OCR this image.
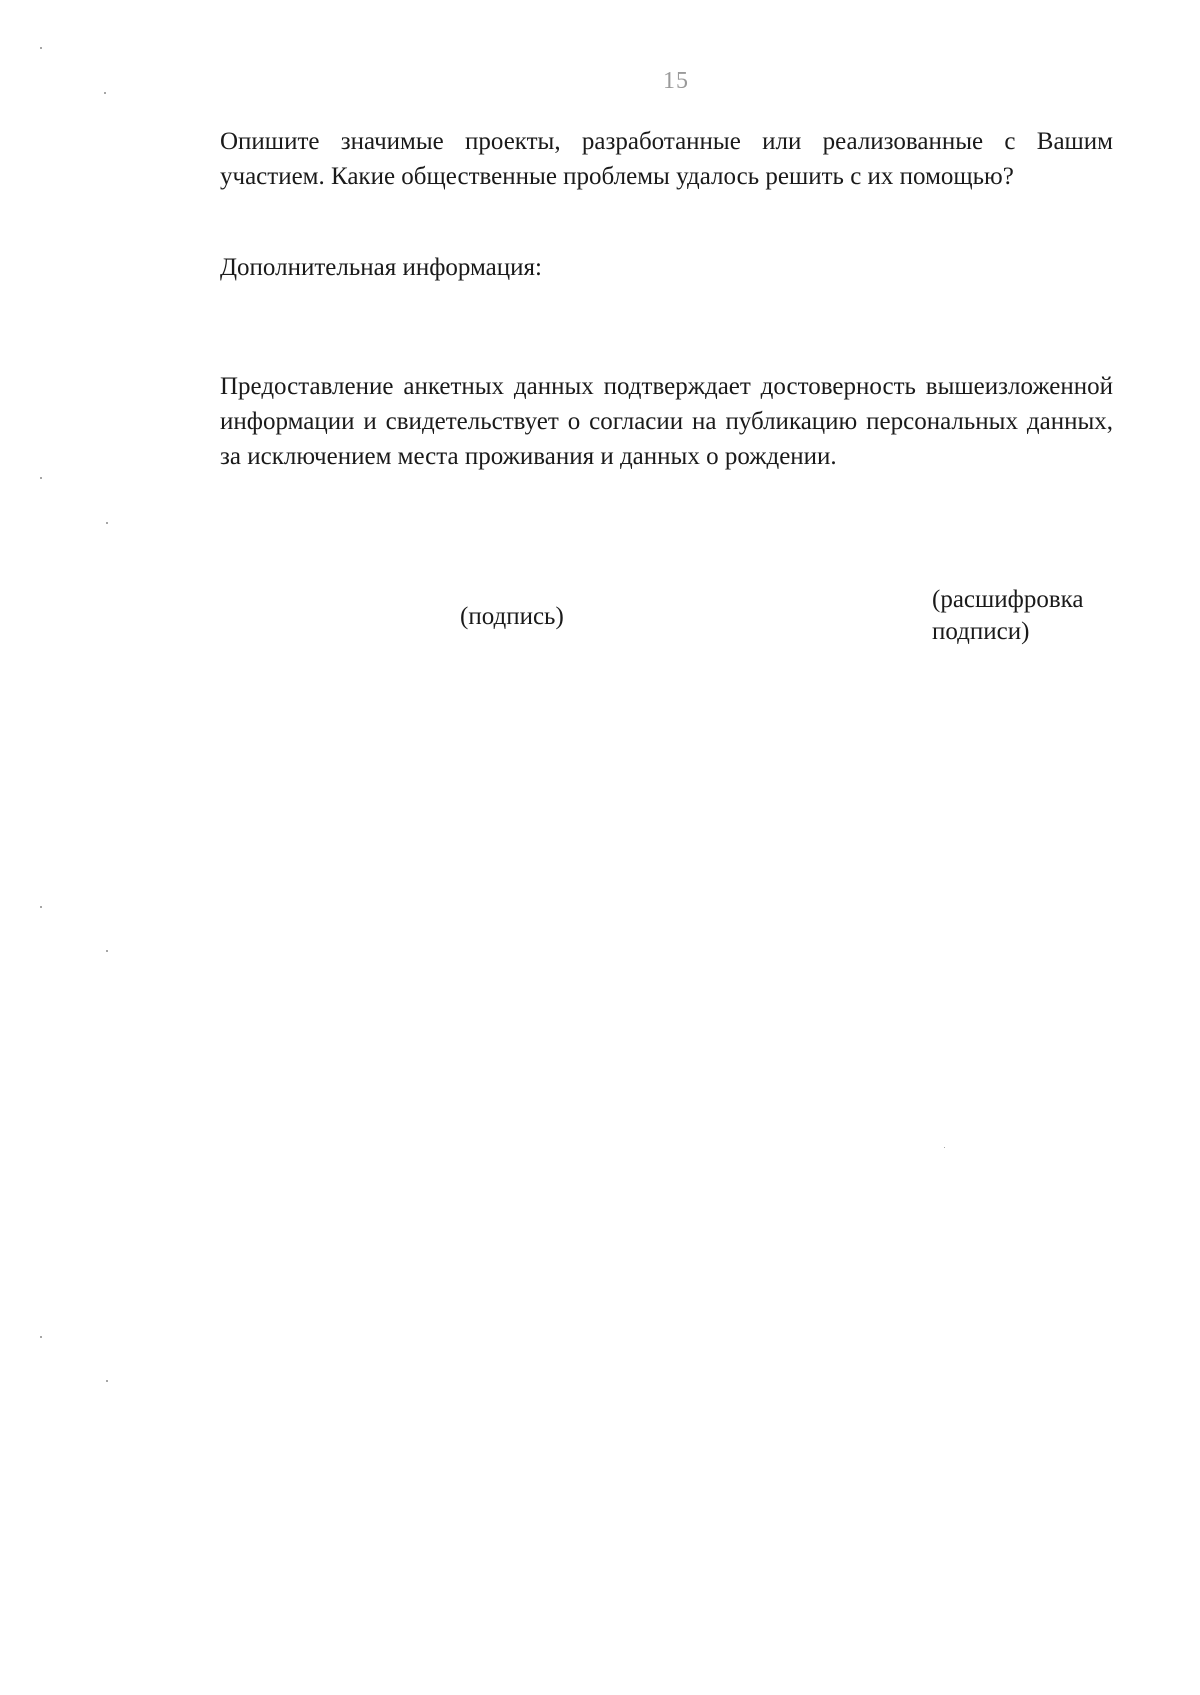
15

Опишите значимые проекты, разработанные или реализованные с Вашим участием. Какие общественные проблемы удалось решить с их помощью?

Дополнительная информация:

Предоставление анкетных данных подтверждает достоверность вышеизложенной информации и свидетельствует о согласии на публикацию персональных данных, за исключением места проживания и данных о рождении.

(подпись)
(расшифровка подписи)
